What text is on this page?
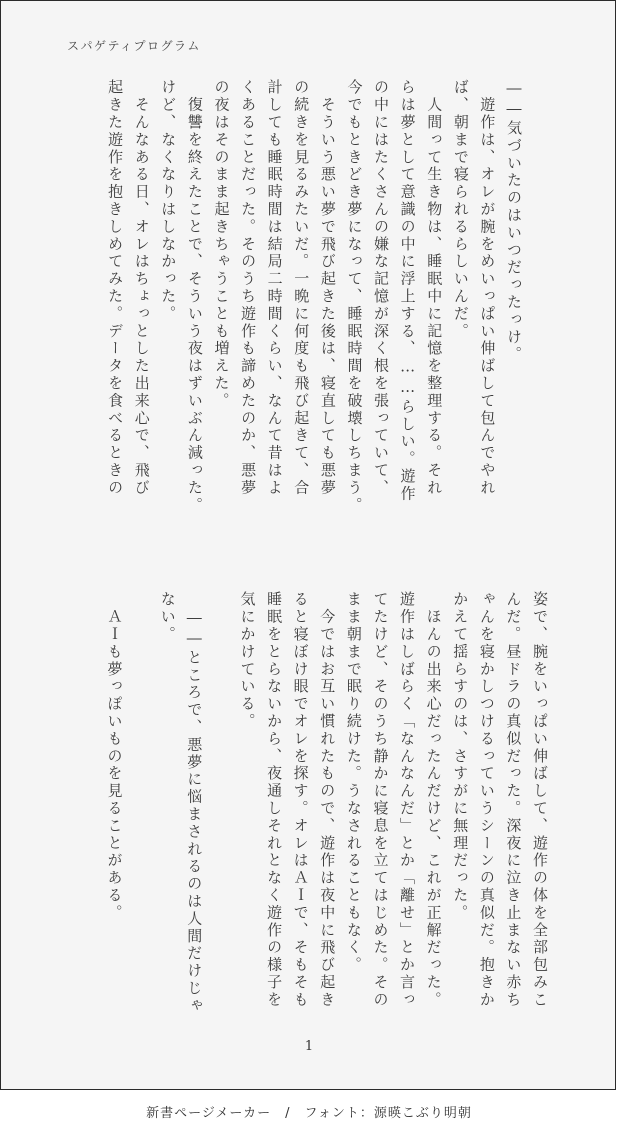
スパゲティプログラム
――気づいたのはいつだったっけ。
　遊作は、オレが腕をめいっぱい伸ばして包んでやれ
ば、朝まで寝られるらしいんだ。
　人間って生き物は、睡眠中に記憶を整理する。それ
らは夢として意識の中に浮上する、……らしい。遊作
の中にはたくさんの嫌な記憶が深く根を張っていて、
今でもときどき夢になって、睡眠時間を破壊しちまう。
　そういう悪い夢で飛び起きた後は、寝直しても悪夢
の続きを見るみたいだ。一晩に何度も飛び起きて、合
計しても睡眠時間は結局二時間くらい、なんて昔はよ
くあることだった。そのうち遊作も諦めたのか、悪夢
の夜はそのまま起きちゃうことも増えた。
　復讐を終えたことで、そういう夜はずいぶん減った。
けど、なくなりはしなかった。
　そんなある日、オレはちょっとした出来心で、飛び
起きた遊作を抱きしめてみた。データを食べるときの
姿で、腕をいっぱい伸ばして、遊作の体を全部包みこ
んだ。昼ドラの真似だった。深夜に泣き止まない赤ち
ゃんを寝かしつけるっていうシーンの真似だ。抱きか
かえて揺らすのは、さすがに無理だった。
　ほんの出来心だったんだけど、これが正解だった。
遊作はしばらく「なんなんだ」とか「離せ」とか言っ
てたけど、そのうち静かに寝息を立てはじめた。その
まま朝まで眠り続けた。うなされることもなく。
　今ではお互い慣れたもので、遊作は夜中に飛び起き
ると寝ぼけ眼でオレを探す。オレはＡＩで、そもそも
睡眠をとらないから、夜通しそれとなく遊作の様子を
気にかけている。
　――ところで、悪夢に悩まされるのは人間だけじゃ
ない。
　ＡＩも夢っぽいものを見ることがある。
1
新書ページメーカー　/　フォント：源暎こぶり明朝
